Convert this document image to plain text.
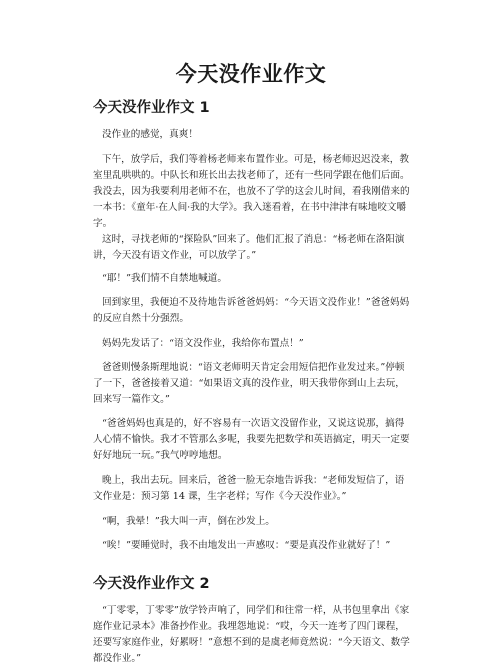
今天没作业作文
今天没作业作文 1

没作业的感觉，真爽！

下午，放学后，我们等着杨老师来布置作业。可是，杨老师迟迟没来，教室里乱哄哄的。中队长和班长出去找老师了，还有一些同学跟在他们后面。我没去，因为我要利用老师不在，也放不了学的这会儿时间，看我刚借来的一本书：《童年·在人间·我的大学》。我入迷看着，在书中津津有味地咬文嚼字。

这时，寻找老师的“探险队”回来了。他们汇报了消息：“杨老师在洛阳演讲，今天没有语文作业，可以放学了。”

“耶！”我们情不自禁地喊道。

回到家里，我便迫不及待地告诉爸爸妈妈：“今天语文没作业！”爸爸妈妈的反应自然十分强烈。

妈妈先发话了：“语文没作业，我给你布置点！”

爸爸则慢条斯理地说：“语文老师明天肯定会用短信把作业发过来。”停顿了一下，爸爸接着又道：“如果语文真的没作业，明天我带你到山上去玩，回来写一篇作文。”

“爸爸妈妈也真是的，好不容易有一次语文没留作业，又说这说那，搞得人心情不愉快。我才不管那么多呢，我要先把数学和英语搞定，明天一定要好好地玩一玩。”我气哼哼地想。

晚上，我出去玩。回来后，爸爸一脸无奈地告诉我：“老师发短信了，语文作业是：预习第 14 课，生字老样；写作《今天没作业》。”

“啊，我晕！”我大叫一声，倒在沙发上。

“唉！”要睡觉时，我不由地发出一声感叹：“要是真没作业就好了！”

今天没作业作文 2

“丁零零，丁零零”放学铃声响了，同学们和往常一样，从书包里拿出《家庭作业记录本》准备抄作业。我埋怨地说：“哎，今天一连考了四门课程，还要写家庭作业，好累呀！”意想不到的是虞老师竟然说：“今天语文、数学都没作业。”
